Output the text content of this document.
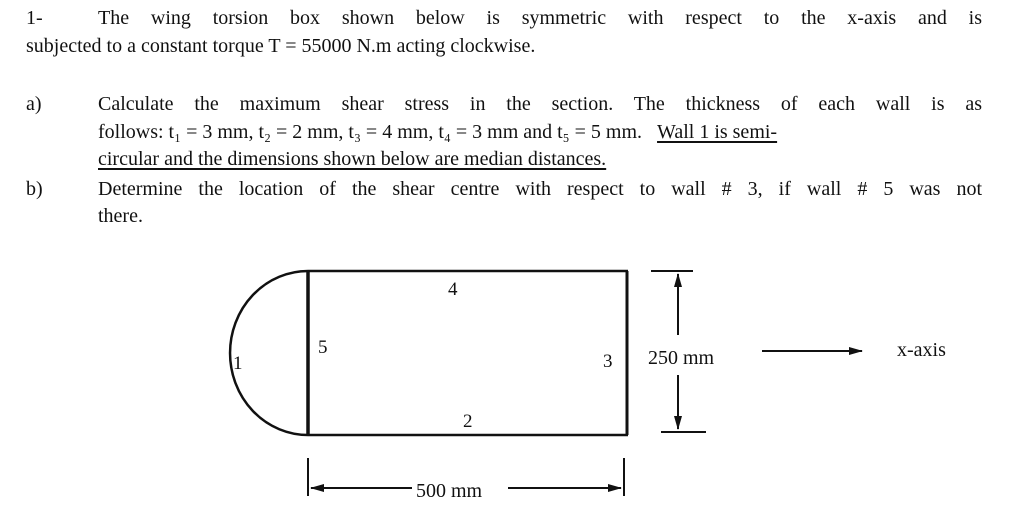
1-	The wing torsion box shown below is symmetric with respect to the x-axis and is
subjected to a constant torque T = 55000 N.m acting clockwise.
a)	Calculate the maximum shear stress in the section. The thickness of each wall is as
follows: t₁ = 3 mm, t₂ = 2 mm, t₃ = 4 mm, t₄ = 3 mm and t₅ = 5 mm. Wall 1 is semi-
circular and the dimensions shown below are median distances.
b)	Determine the location of the shear centre with respect to wall # 3, if wall # 5 was not
there.
1
4
2
3
5	250 mm
500 mm
x-axis
